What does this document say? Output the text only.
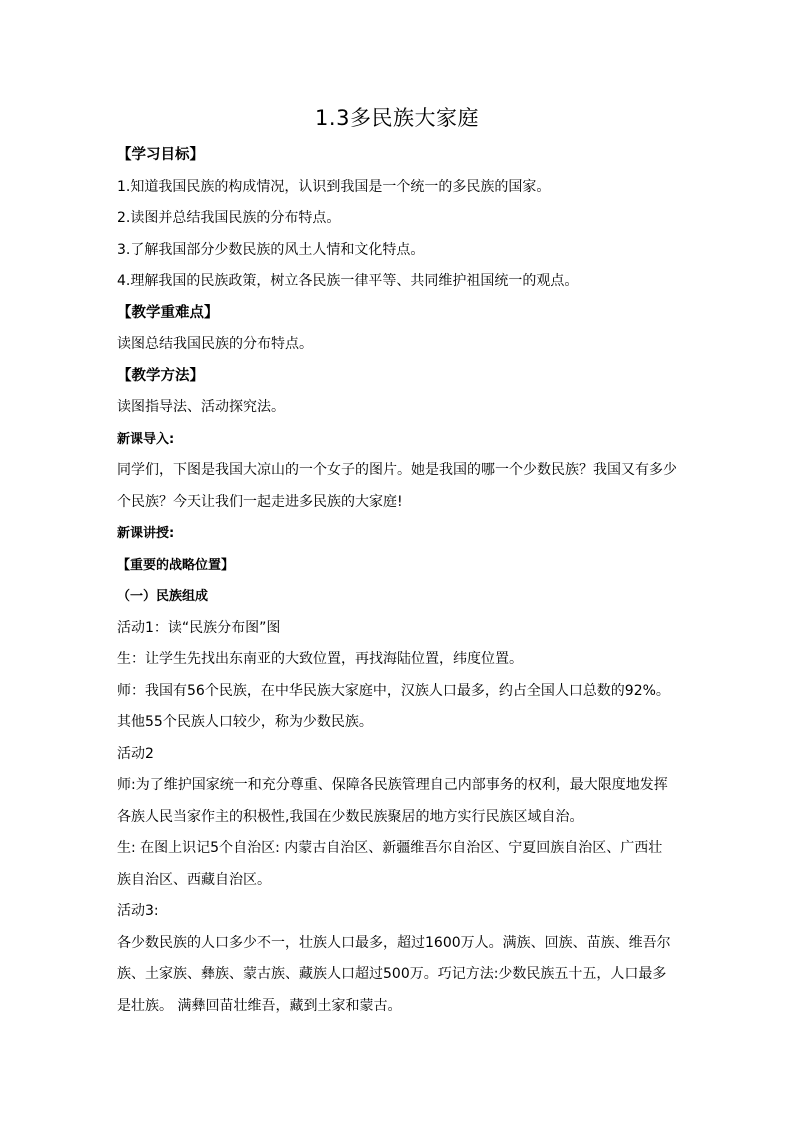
1.3多民族大家庭

【学习目标】

1.知道我国民族的构成情况，认识到我国是一个统一的多民族的国家。

2.读图并总结我国民族的分布特点。

3.了解我国部分少数民族的风土人情和文化特点。

4.理解我国的民族政策，树立各民族一律平等、共同维护祖国统一的观点。

【教学重难点】

读图总结我国民族的分布特点。

【教学方法】

读图指导法、活动探究法。

新课导入:

同学们，下图是我国大凉山的一个女子的图片。她是我国的哪一个少数民族？我国又有多少

个民族？今天让我们一起走进多民族的大家庭!

新课讲授:

【重要的战略位置】

（一）民族组成

活动1：读“民族分布图”图

生：让学生先找出东南亚的大致位置，再找海陆位置，纬度位置。

师：我国有56个民族，在中华民族大家庭中，汉族人口最多，约占全国人口总数的92%。

其他55个民族人口较少，称为少数民族。

活动2

师:为了维护国家统一和充分尊重、保障各民族管理自己内部事务的权利，最大限度地发挥

各族人民当家作主的积极性,我国在少数民族聚居的地方实行民族区域自治。

生: 在图上识记5个自治区: 内蒙古自治区、新疆维吾尔自治区、宁夏回族自治区、广西壮

族自治区、西藏自治区。

活动3:

各少数民族的人口多少不一，壮族人口最多，超过1600万人。满族、回族、苗族、维吾尔

族、土家族、彝族、蒙古族、藏族人口超过500万。巧记方法:少数民族五十五，人口最多

是壮族。 满彝回苗壮维吾，藏到土家和蒙古。
